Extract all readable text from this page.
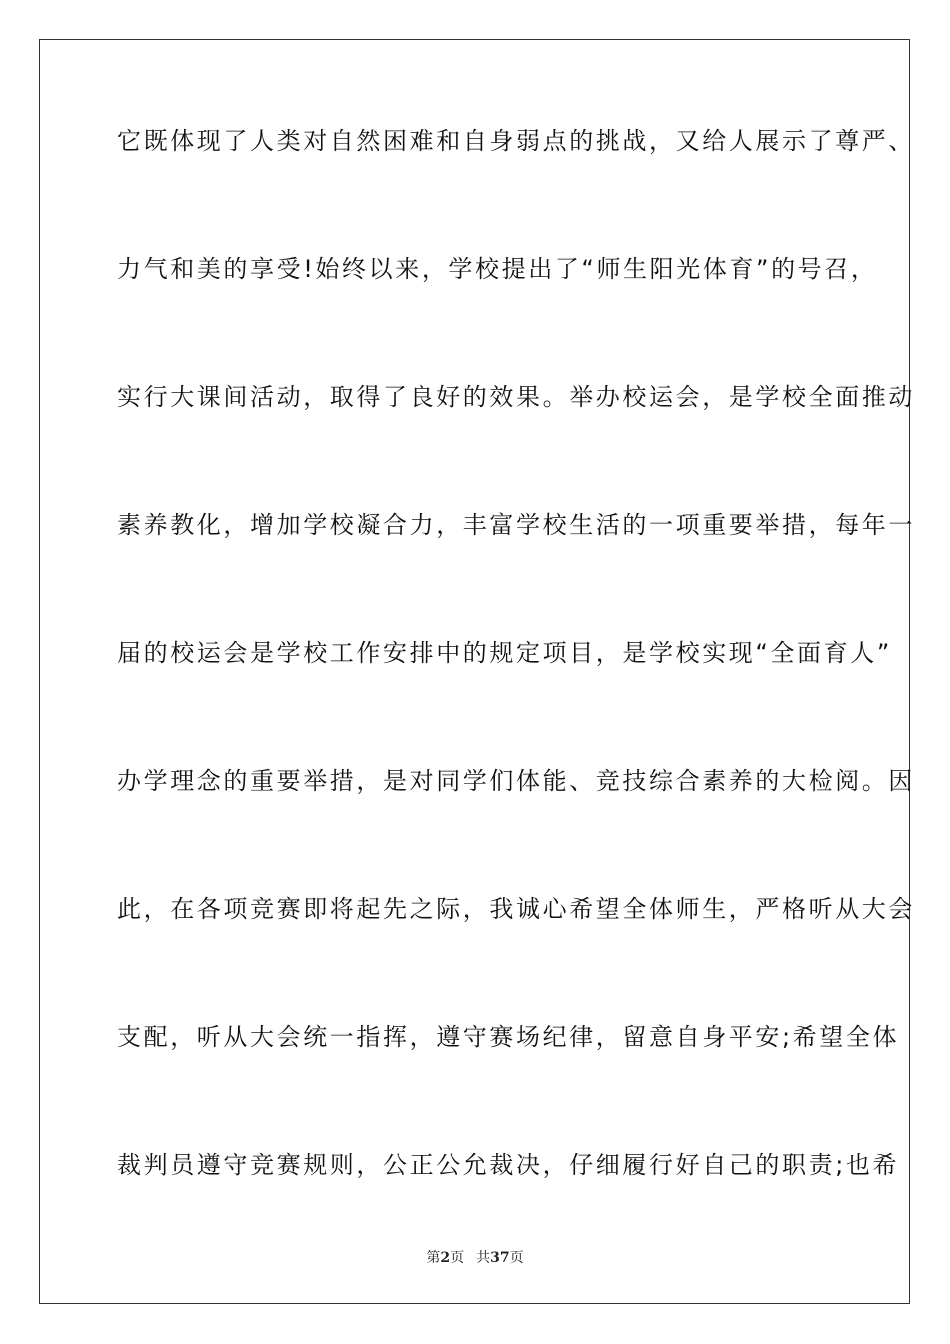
它既体现了人类对自然困难和自身弱点的挑战，又给人展示了尊严、
力气和美的享受!始终以来，学校提出了“师生阳光体育”的号召，
实行大课间活动，取得了良好的效果。举办校运会，是学校全面推动
素养教化，增加学校凝合力，丰富学校生活的一项重要举措，每年一
届的校运会是学校工作安排中的规定项目，是学校实现“全面育人”
办学理念的重要举措，是对同学们体能、竞技综合素养的大检阅。因
此，在各项竞赛即将起先之际，我诚心希望全体师生，严格听从大会
支配，听从大会统一指挥，遵守赛场纪律，留意自身平安;希望全体
裁判员遵守竞赛规则，公正公允裁决，仔细履行好自己的职责;也希
第2页 共37页
